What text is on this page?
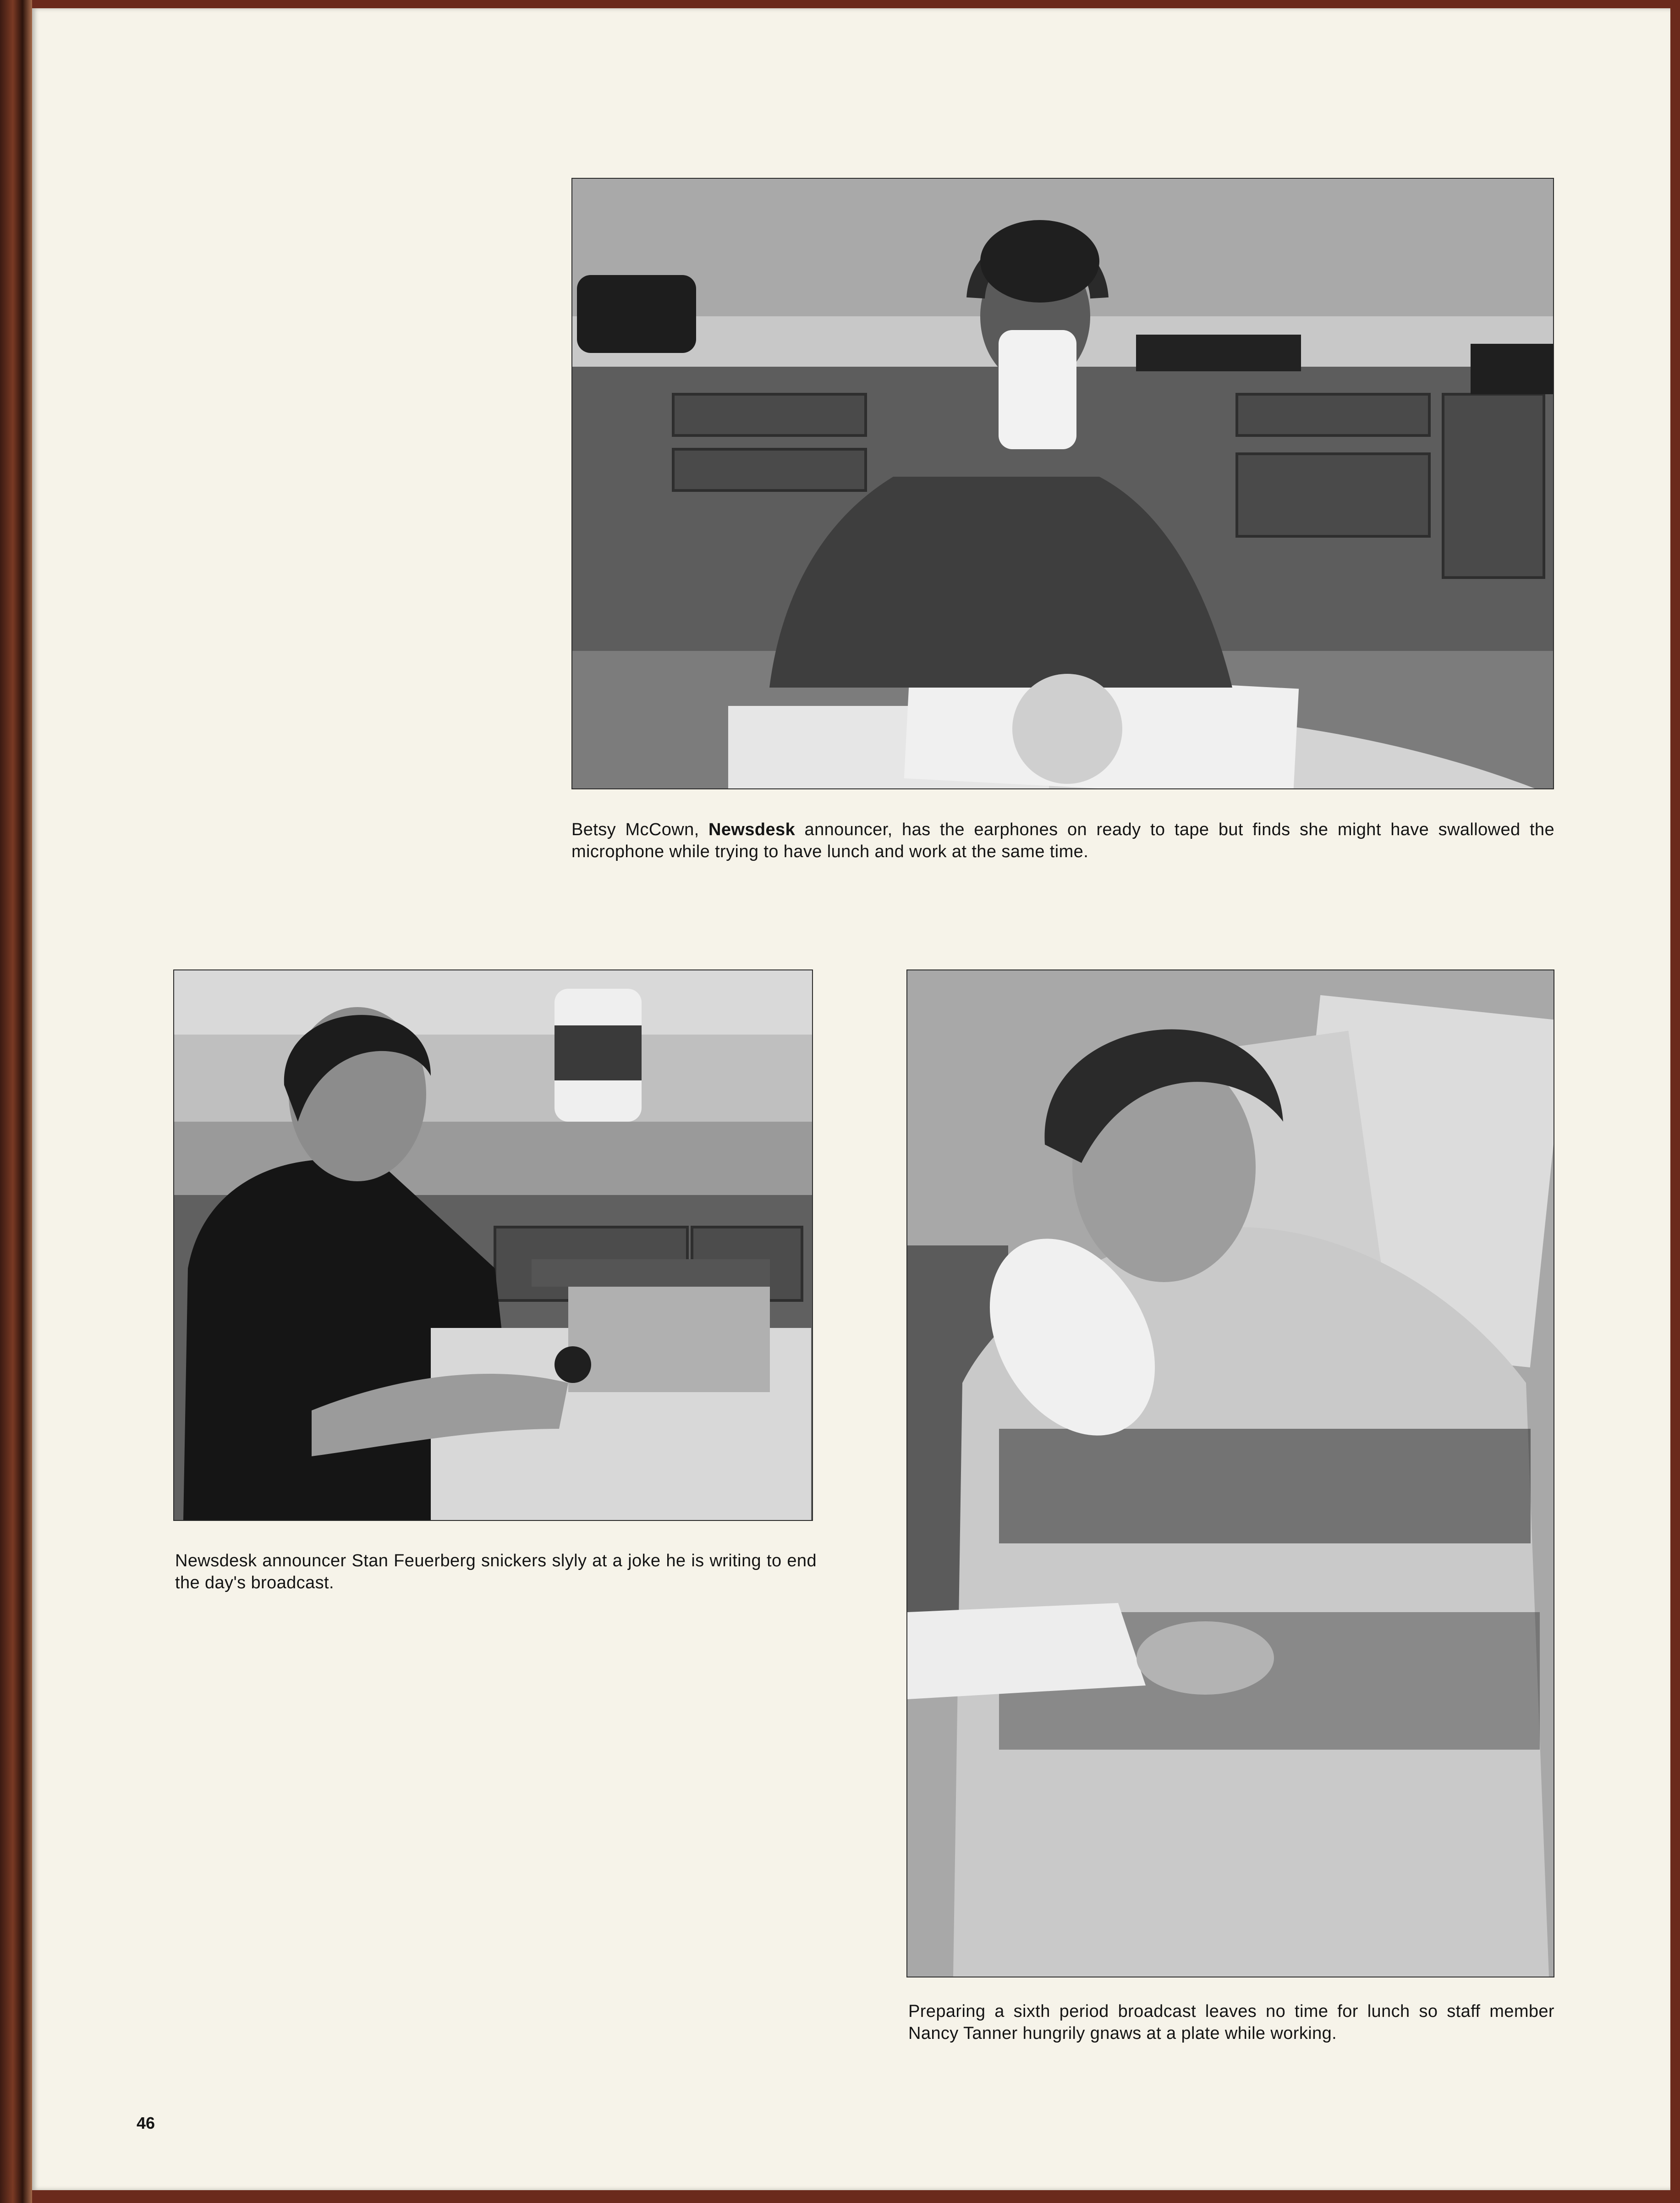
Betsy McCown, Newsdesk announcer, has the earphones on ready to tape but finds she might have swallowed the microphone while trying to have lunch and work at the same time.

Newsdesk announcer Stan Feuerberg snickers slyly at a joke he is writing to end the day's broadcast.

Preparing a sixth period broadcast leaves no time for lunch so staff member Nancy Tanner hungrily gnaws at a plate while working.

46
